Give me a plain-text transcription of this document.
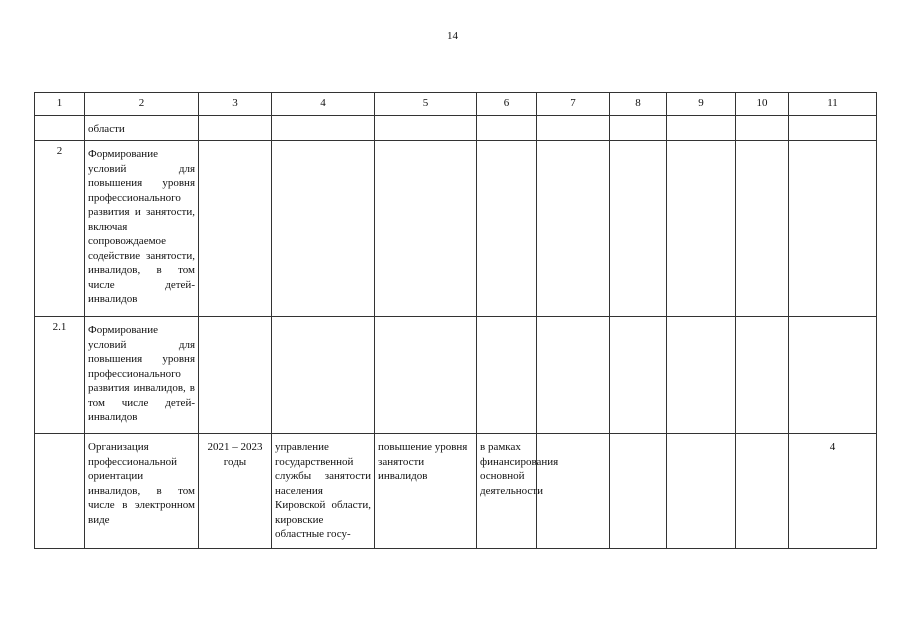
14
1	2	3	4	5	6	7	8	9	10	11
	области									
2	Формирование условий для повышения уровня профессионального развития и занятости, включая сопровождаемое содействие занятости, инвалидов, в том числе детей-инвалидов									
2.1	Формирование условий для повышения уровня профессионального развития инвалидов, в том числе детей-инвалидов									
	Организация профессиональной ориентации инвалидов, в том числе в электронном виде	2021 – 2023 годы	управление государственной службы занятости населения Кировской области, кировские областные госу-	повышение уровня занятости инвалидов	в рамках финансирования основной деятельности					4
